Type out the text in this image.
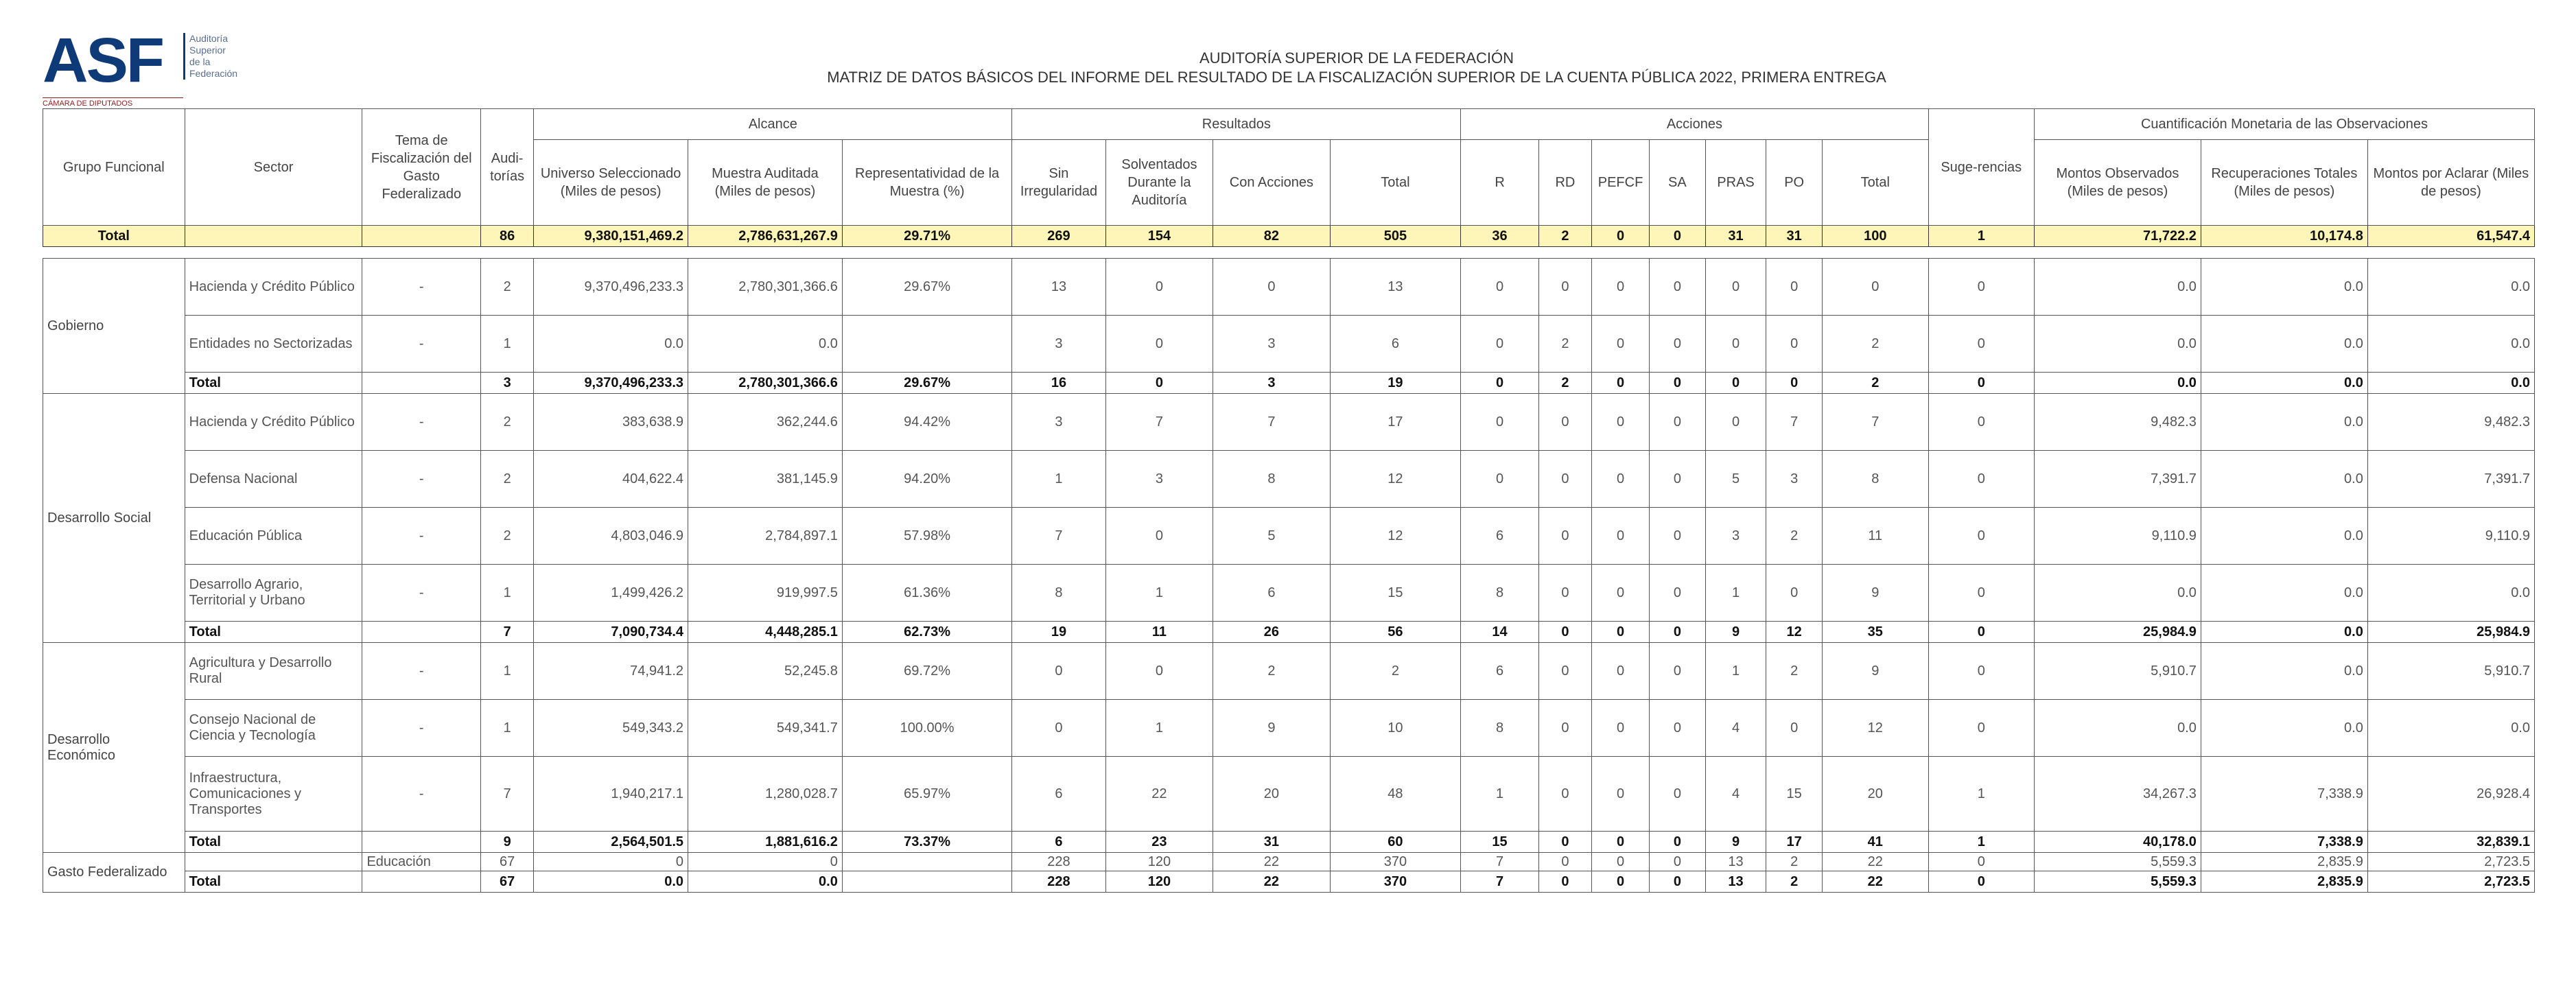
ASF	Auditoría
Superior
de la Federación
CÁMARA DE DIPUTADOS
AUDITORÍA SUPERIOR DE LA FEDERACIÓN
MATRIZ DE DATOS BÁSICOS DEL INFORME DEL RESULTADO DE LA FISCALIZACIÓN SUPERIOR DE LA CUENTA PÚBLICA 2022, PRIMERA ENTREGA
Grupo Funcional	Sector	Tema de Fiscalización del Gasto Federalizado	Audi-torías	Alcance			Resultados				Acciones							Suge-rencias	Cuantificación Monetaria de las Observaciones		
				Universo Seleccionado (Miles de pesos)	Muestra Auditada (Miles de pesos)	Representatividad de la Muestra (%)	Sin Irregularidad	Solventados Durante la Auditoría	Con Acciones	Total	R	RD	PEFCF	SA	PRAS	PO	Total		Montos Observados (Miles de pesos)	Recuperaciones Totales (Miles de pesos)	Montos por Aclarar (Miles de pesos)
Total			86	9,380,151,469.2	2,786,631,267.9	29.71%	269	154	82	505	36	2	0	0	31	31	100	1	71,722.2	10,174.8	61,547.4

Gobierno	Hacienda y Crédito Público	-	2	9,370,496,233.3	2,780,301,366.6	29.67%	13	0	0	13	0	0	0	0	0	0	0	0	0.0	0.0	0.0
	Entidades no Sectorizadas	-	1	0.0	0.0		3	0	3	6	0	2	0	0	0	0	2	0	0.0	0.0	0.0
	Total		3	9,370,496,233.3	2,780,301,366.6	29.67%	16	0	3	19	0	2	0	0	0	0	2	0	0.0	0.0	0.0
Desarrollo Social	Hacienda y Crédito Público	-	2	383,638.9	362,244.6	94.42%	3	7	7	17	0	0	0	0	0	7	7	0	9,482.3	0.0	9,482.3
	Defensa Nacional	-	2	404,622.4	381,145.9	94.20%	1	3	8	12	0	0	0	0	5	3	8	0	7,391.7	0.0	7,391.7
	Educación Pública	-	2	4,803,046.9	2,784,897.1	57.98%	7	0	5	12	6	0	0	0	3	2	11	0	9,110.9	0.0	9,110.9
	Desarrollo Agrario, Territorial y Urbano	-	1	1,499,426.2	919,997.5	61.36%	8	1	6	15	8	0	0	0	1	0	9	0	0.0	0.0	0.0
	Total		7	7,090,734.4	4,448,285.1	62.73%	19	11	26	56	14	0	0	0	9	12	35	0	25,984.9	0.0	25,984.9
Desarrollo Económico	Agricultura y Desarrollo Rural	-	1	74,941.2	52,245.8	69.72%	0	0	2	2	6	0	0	0	1	2	9	0	5,910.7	0.0	5,910.7
	Consejo Nacional de Ciencia y Tecnología	-	1	549,343.2	549,341.7	100.00%	0	1	9	10	8	0	0	0	4	0	12	0	0.0	0.0	0.0
	Infraestructura, Comunicaciones y Transportes	-	7	1,940,217.1	1,280,028.7	65.97%	6	22	20	48	1	0	0	0	4	15	20	1	34,267.3	7,338.9	26,928.4
	Total		9	2,564,501.5	1,881,616.2	73.37%	6	23	31	60	15	0	0	0	9	17	41	1	40,178.0	7,338.9	32,839.1
Gasto Federalizado		Educación	67	0	0		228	120	22	370	7	0	0	0	13	2	22	0	5,559.3	2,835.9	2,723.5
	Total		67	0.0	0.0		228	120	22	370	7	0	0	0	13	2	22	0	5,559.3	2,835.9	2,723.5
